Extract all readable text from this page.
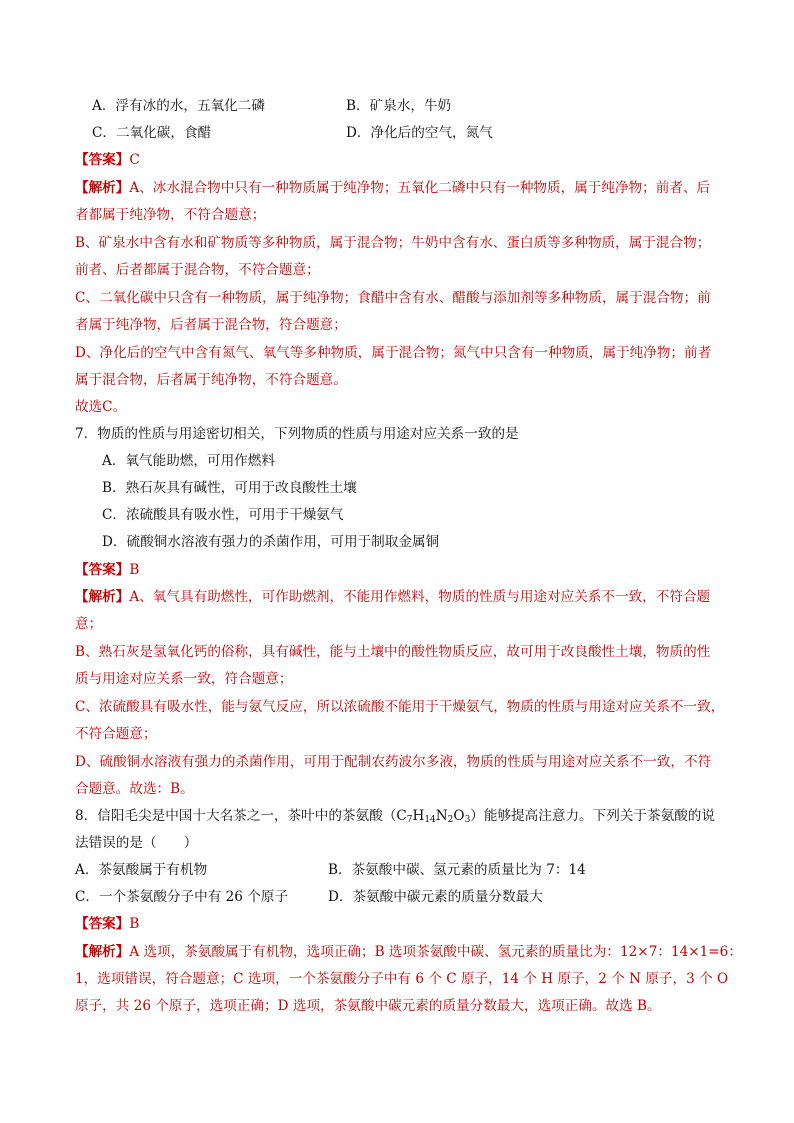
A．浮有冰的水，五氧化二磷	B．矿泉水，牛奶
C．二氧化碳，食醋	D．净化后的空气，氮气
【答案】C
【解析】A、冰水混合物中只有一种物质属于纯净物；五氧化二磷中只有一种物质，属于纯净物；前者、后
者都属于纯净物，不符合题意；
B、矿泉水中含有水和矿物质等多种物质，属于混合物；牛奶中含有水、蛋白质等多种物质，属于混合物；
前者、后者都属于混合物，不符合题意；
C、二氧化碳中只含有一种物质，属于纯净物；食醋中含有水、醋酸与添加剂等多种物质，属于混合物；前
者属于纯净物，后者属于混合物，符合题意；
D、净化后的空气中含有氮气、氧气等多种物质，属于混合物；氮气中只含有一种物质，属于纯净物；前者
属于混合物，后者属于纯净物，不符合题意。
故选C。
7．物质的性质与用途密切相关，下列物质的性质与用途对应关系一致的是
A．氧气能助燃，可用作燃料
B．熟石灰具有碱性，可用于改良酸性土壤
C．浓硫酸具有吸水性，可用于干燥氨气
D．硫酸铜水溶液有强力的杀菌作用，可用于制取金属铜
【答案】B
【解析】A、氧气具有助燃性，可作助燃剂，不能用作燃料，物质的性质与用途对应关系不一致，不符合题
意；
B、熟石灰是氢氧化钙的俗称，具有碱性，能与土壤中的酸性物质反应，故可用于改良酸性土壤，物质的性
质与用途对应关系一致，符合题意；
C、浓硫酸具有吸水性，能与氨气反应，所以浓硫酸不能用于干燥氨气，物质的性质与用途对应关系不一致，
不符合题意；
D、硫酸铜水溶液有强力的杀菌作用，可用于配制农药波尔多液，物质的性质与用途对应关系不一致，不符
合题意。故选：B。
8．信阳毛尖是中国十大名茶之一，茶叶中的茶氨酸$(C_7H_{14}N_2O_3)$能够提高注意力。下列关于茶氨酸的说
法错误的是（　　）
A．茶氨酸属于有机物	B．茶氨酸中碳、氢元素的质量比为 7：14
C．一个茶氨酸分子中有 26 个原子	D．茶氨酸中碳元素的质量分数最大
【答案】B
【解析】A 选项，茶氨酸属于有机物，选项正确；B 选项茶氨酸中碳、氢元素的质量比为：12×7：14×1=6：
1，选项错误，符合题意；C 选项，一个茶氨酸分子中有 6 个 C 原子，14 个 H 原子，2 个 N 原子，3 个 O
原子，共 26 个原子，选项正确；D 选项，茶氨酸中碳元素的质量分数最大，选项正确。故选 B。
